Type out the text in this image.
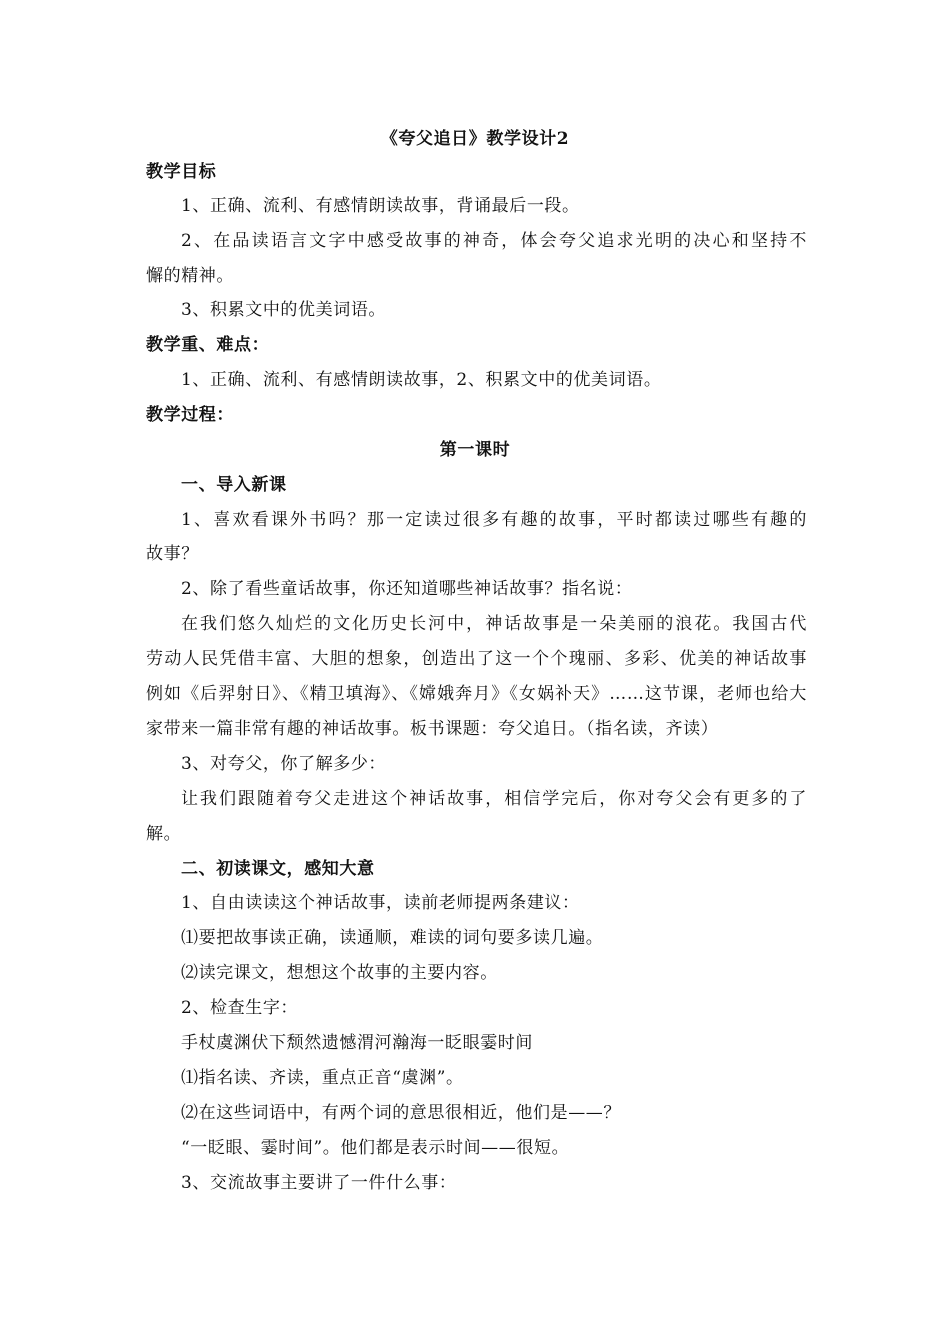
《夸父追日》教学设计2
教学目标
1、正确、流利、有感情朗读故事，背诵最后一段。
2、在品读语言文字中感受故事的神奇，体会夸父追求光明的决心和坚持不
懈的精神。
3、积累文中的优美词语。
教学重、难点：
1、正确、流利、有感情朗读故事，2、积累文中的优美词语。
教学过程：
第一课时
一、导入新课
1、喜欢看课外书吗？那一定读过很多有趣的故事，平时都读过哪些有趣的
故事？
2、除了看些童话故事，你还知道哪些神话故事？指名说：
在我们悠久灿烂的文化历史长河中，神话故事是一朵美丽的浪花。我国古代
劳动人民凭借丰富、大胆的想象，创造出了这一个个瑰丽、多彩、优美的神话故事
例如《后羿射日》、《精卫填海》、《嫦娥奔月》《女娲补天》……这节课，老师也给大
家带来一篇非常有趣的神话故事。板书课题：夸父追日。（指名读，齐读）
3、对夸父，你了解多少：
让我们跟随着夸父走进这个神话故事，相信学完后，你对夸父会有更多的了
解。
二、初读课文，感知大意
1、自由读读这个神话故事，读前老师提两条建议：
⑴要把故事读正确，读通顺，难读的词句要多读几遍。
⑵读完课文，想想这个故事的主要内容。
2、检查生字：
手杖虞渊伏下颓然遗憾渭河瀚海一眨眼霎时间
⑴指名读、齐读，重点正音“虞渊”。
⑵在这些词语中，有两个词的意思很相近，他们是——？
“一眨眼、霎时间”。他们都是表示时间——很短。
3、交流故事主要讲了一件什么事：
